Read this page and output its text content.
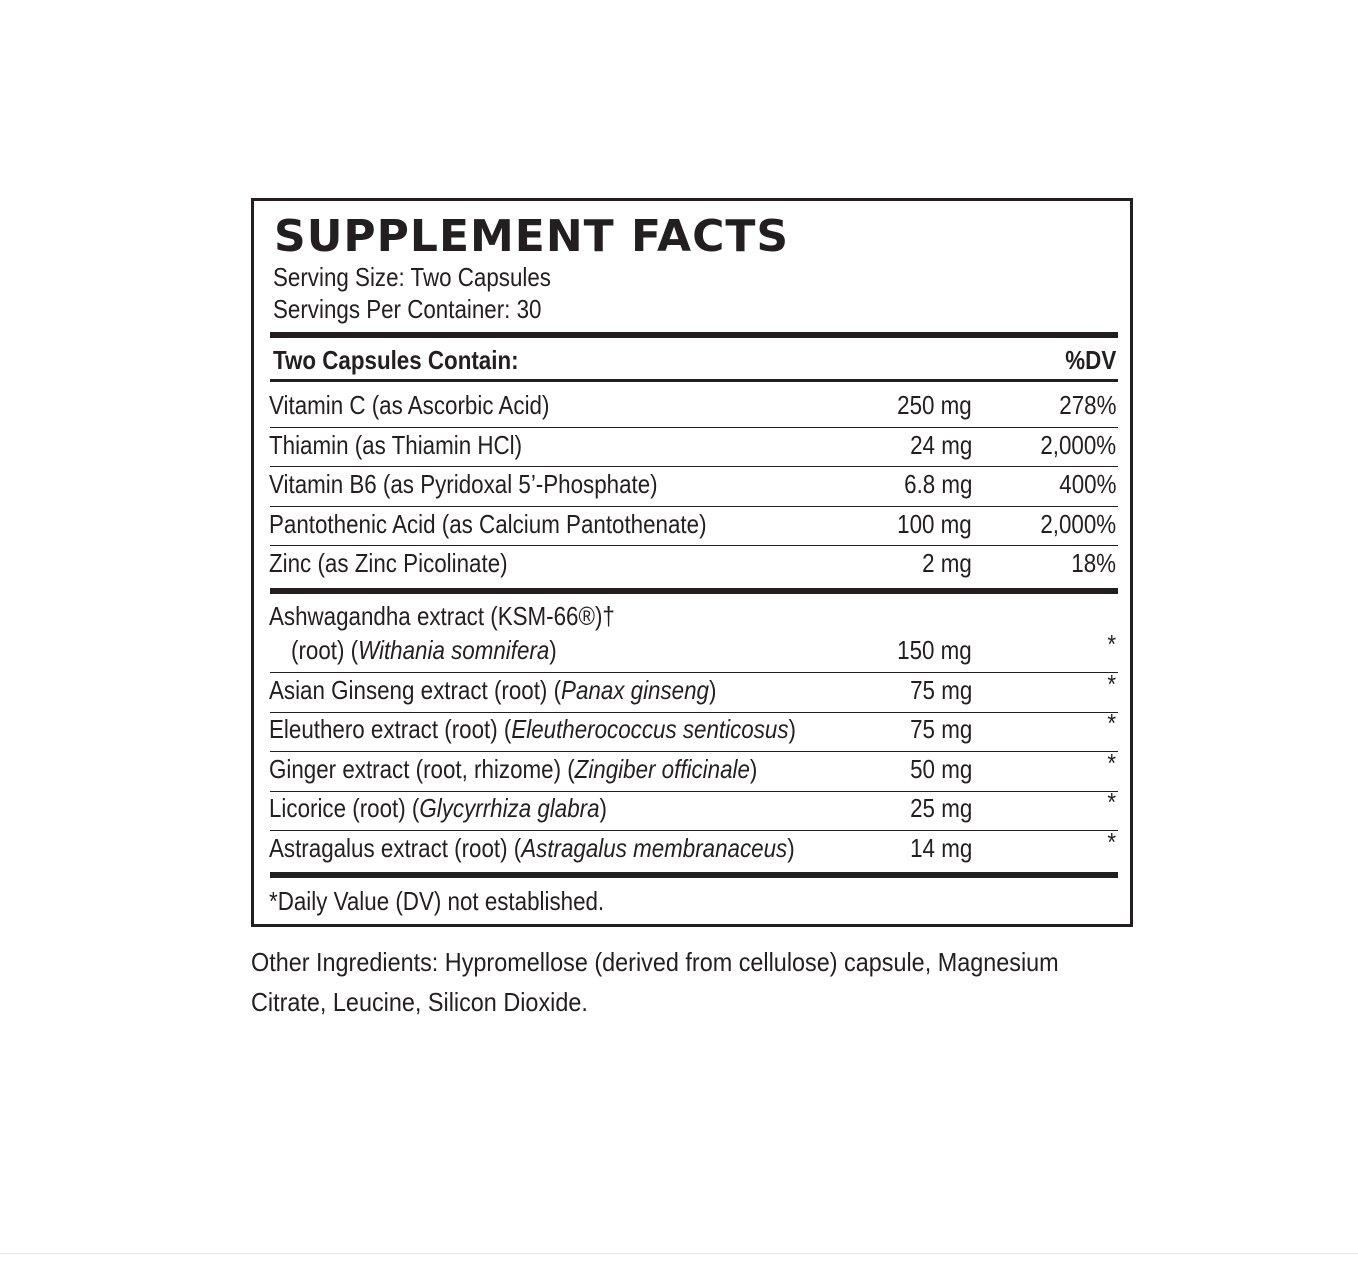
SUPPLEMENT FACTS
Serving Size: Two Capsules
Servings Per Container: 30
Two Capsules Contain:	%DV
Vitamin C (as Ascorbic Acid)	250 mg	278%
Thiamin (as Thiamin HCl)	24 mg	2,000%
Vitamin B6 (as Pyridoxal 5’-Phosphate)	6.8 mg	400%
Pantothenic Acid (as Calcium Pantothenate)	100 mg	2,000%
Zinc (as Zinc Picolinate)	2 mg	18%
Ashwagandha extract (KSM-66®)†
(root) (Withania somnifera)	150 mg	*
Asian Ginseng extract (root) (Panax ginseng)	75 mg	*
Eleuthero extract (root) (Eleutherococcus senticosus)	75 mg	*
Ginger extract (root, rhizome) (Zingiber officinale)	50 mg	*
Licorice (root) (Glycyrrhiza glabra)	25 mg	*
Astragalus extract (root) (Astragalus membranaceus)	14 mg	*
*Daily Value (DV) not established.
Other Ingredients: Hypromellose (derived from cellulose) capsule, Magnesium
Citrate, Leucine, Silicon Dioxide.
